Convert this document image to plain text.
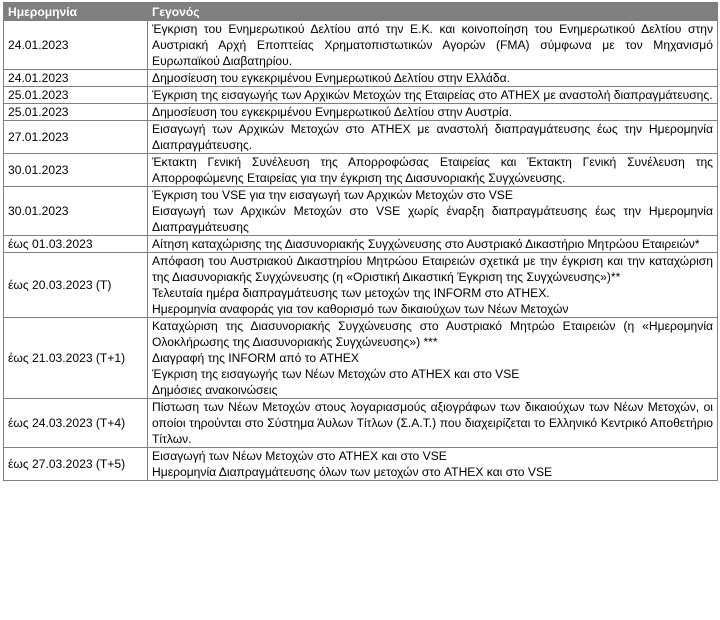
Ημερομηνία	Γεγονός
24.01.2023	Έγκριση του Ενημερωτικού Δελτίου από την Ε.Κ. και κοινοποίηση του Ενημερωτικού Δελτίου στην Αυστριακή Αρχή Εποπτείας Χρηματοπιστωτικών Αγορών (FMA) σύμφωνα με τον Μηχανισμό Ευρωπαϊκού Διαβατηρίου.

24.01.2023	Δημοσίευση του εγκεκριμένου Ενημερωτικού Δελτίου στην Ελλάδα.

25.01.2023	Έγκριση της εισαγωγής των Αρχικών Μετοχών της Εταιρείας στο ATHEX με αναστολή διαπραγμάτευσης.

25.01.2023	Δημοσίευση του εγκεκριμένου Ενημερωτικού Δελτίου στην Αυστρία.

27.01.2023	Εισαγωγή των Αρχικών Μετοχών στο ATHEX με αναστολή διαπραγμάτευσης έως την Ημερομηνία Διαπραγμάτευσης.

30.01.2023	Έκτακτη Γενική Συνέλευση της Απορροφώσας Εταιρείας και Έκτακτη Γενική Συνέλευση της Απορροφώμενης Εταιρείας για την έγκριση της Διασυνοριακής Συγχώνευσης.

30.01.2023	Έγκριση του VSE για την εισαγωγή των Αρχικών Μετοχών στο VSE
Εισαγωγή των Αρχικών Μετοχών στο VSE χωρίς έναρξη διαπραγμάτευσης έως την Ημερομηνία Διαπραγμάτευσης

έως 01.03.2023	Αίτηση καταχώρισης της Διασυνοριακής Συγχώνευσης στο Αυστριακό Δικαστήριο Μητρώου Εταιρειών*

έως 20.03.2023 (T)	Απόφαση του Αυστριακού Δικαστηρίου Μητρώου Εταιρειών σχετικά με την έγκριση και την καταχώριση της Διασυνοριακής Συγχώνευσης (η «Οριστική Δικαστική Έγκριση της Συγχώνευσης»)**
Τελευταία ημέρα διαπραγμάτευσης των μετοχών της INFORM στο ATHEX.
Ημερομηνία αναφοράς για τον καθορισμό των δικαιούχων των Νέων Μετοχών

έως 21.03.2023 (T+1)	Καταχώριση της Διασυνοριακής Συγχώνευσης στο Αυστριακό Μητρώο Εταιρειών (η «Ημερομηνία Ολοκλήρωσης της Διασυνοριακής Συγχώνευσης») ***
Διαγραφή της INFORM από το ATHEX
Έγκριση της εισαγωγής των Νέων Μετοχών στο ATHEX και στο VSE
Δημόσιες ανακοινώσεις

έως 24.03.2023 (T+4)	Πίστωση των Νέων Μετοχών στους λογαριασμούς αξιογράφων των δικαιούχων των Νέων Μετοχών, οι οποίοι τηρούνται στο Σύστημα Άυλων Τίτλων (Σ.Α.Τ.) που διαχειρίζεται το Ελληνικό Κεντρικό Αποθετήριο Τίτλων.

έως 27.03.2023 (T+5)	Εισαγωγή των Νέων Μετοχών στο ATHEX και στο VSE
Ημερομηνία Διαπραγμάτευσης όλων των μετοχών στο ATHEX και στο VSE
